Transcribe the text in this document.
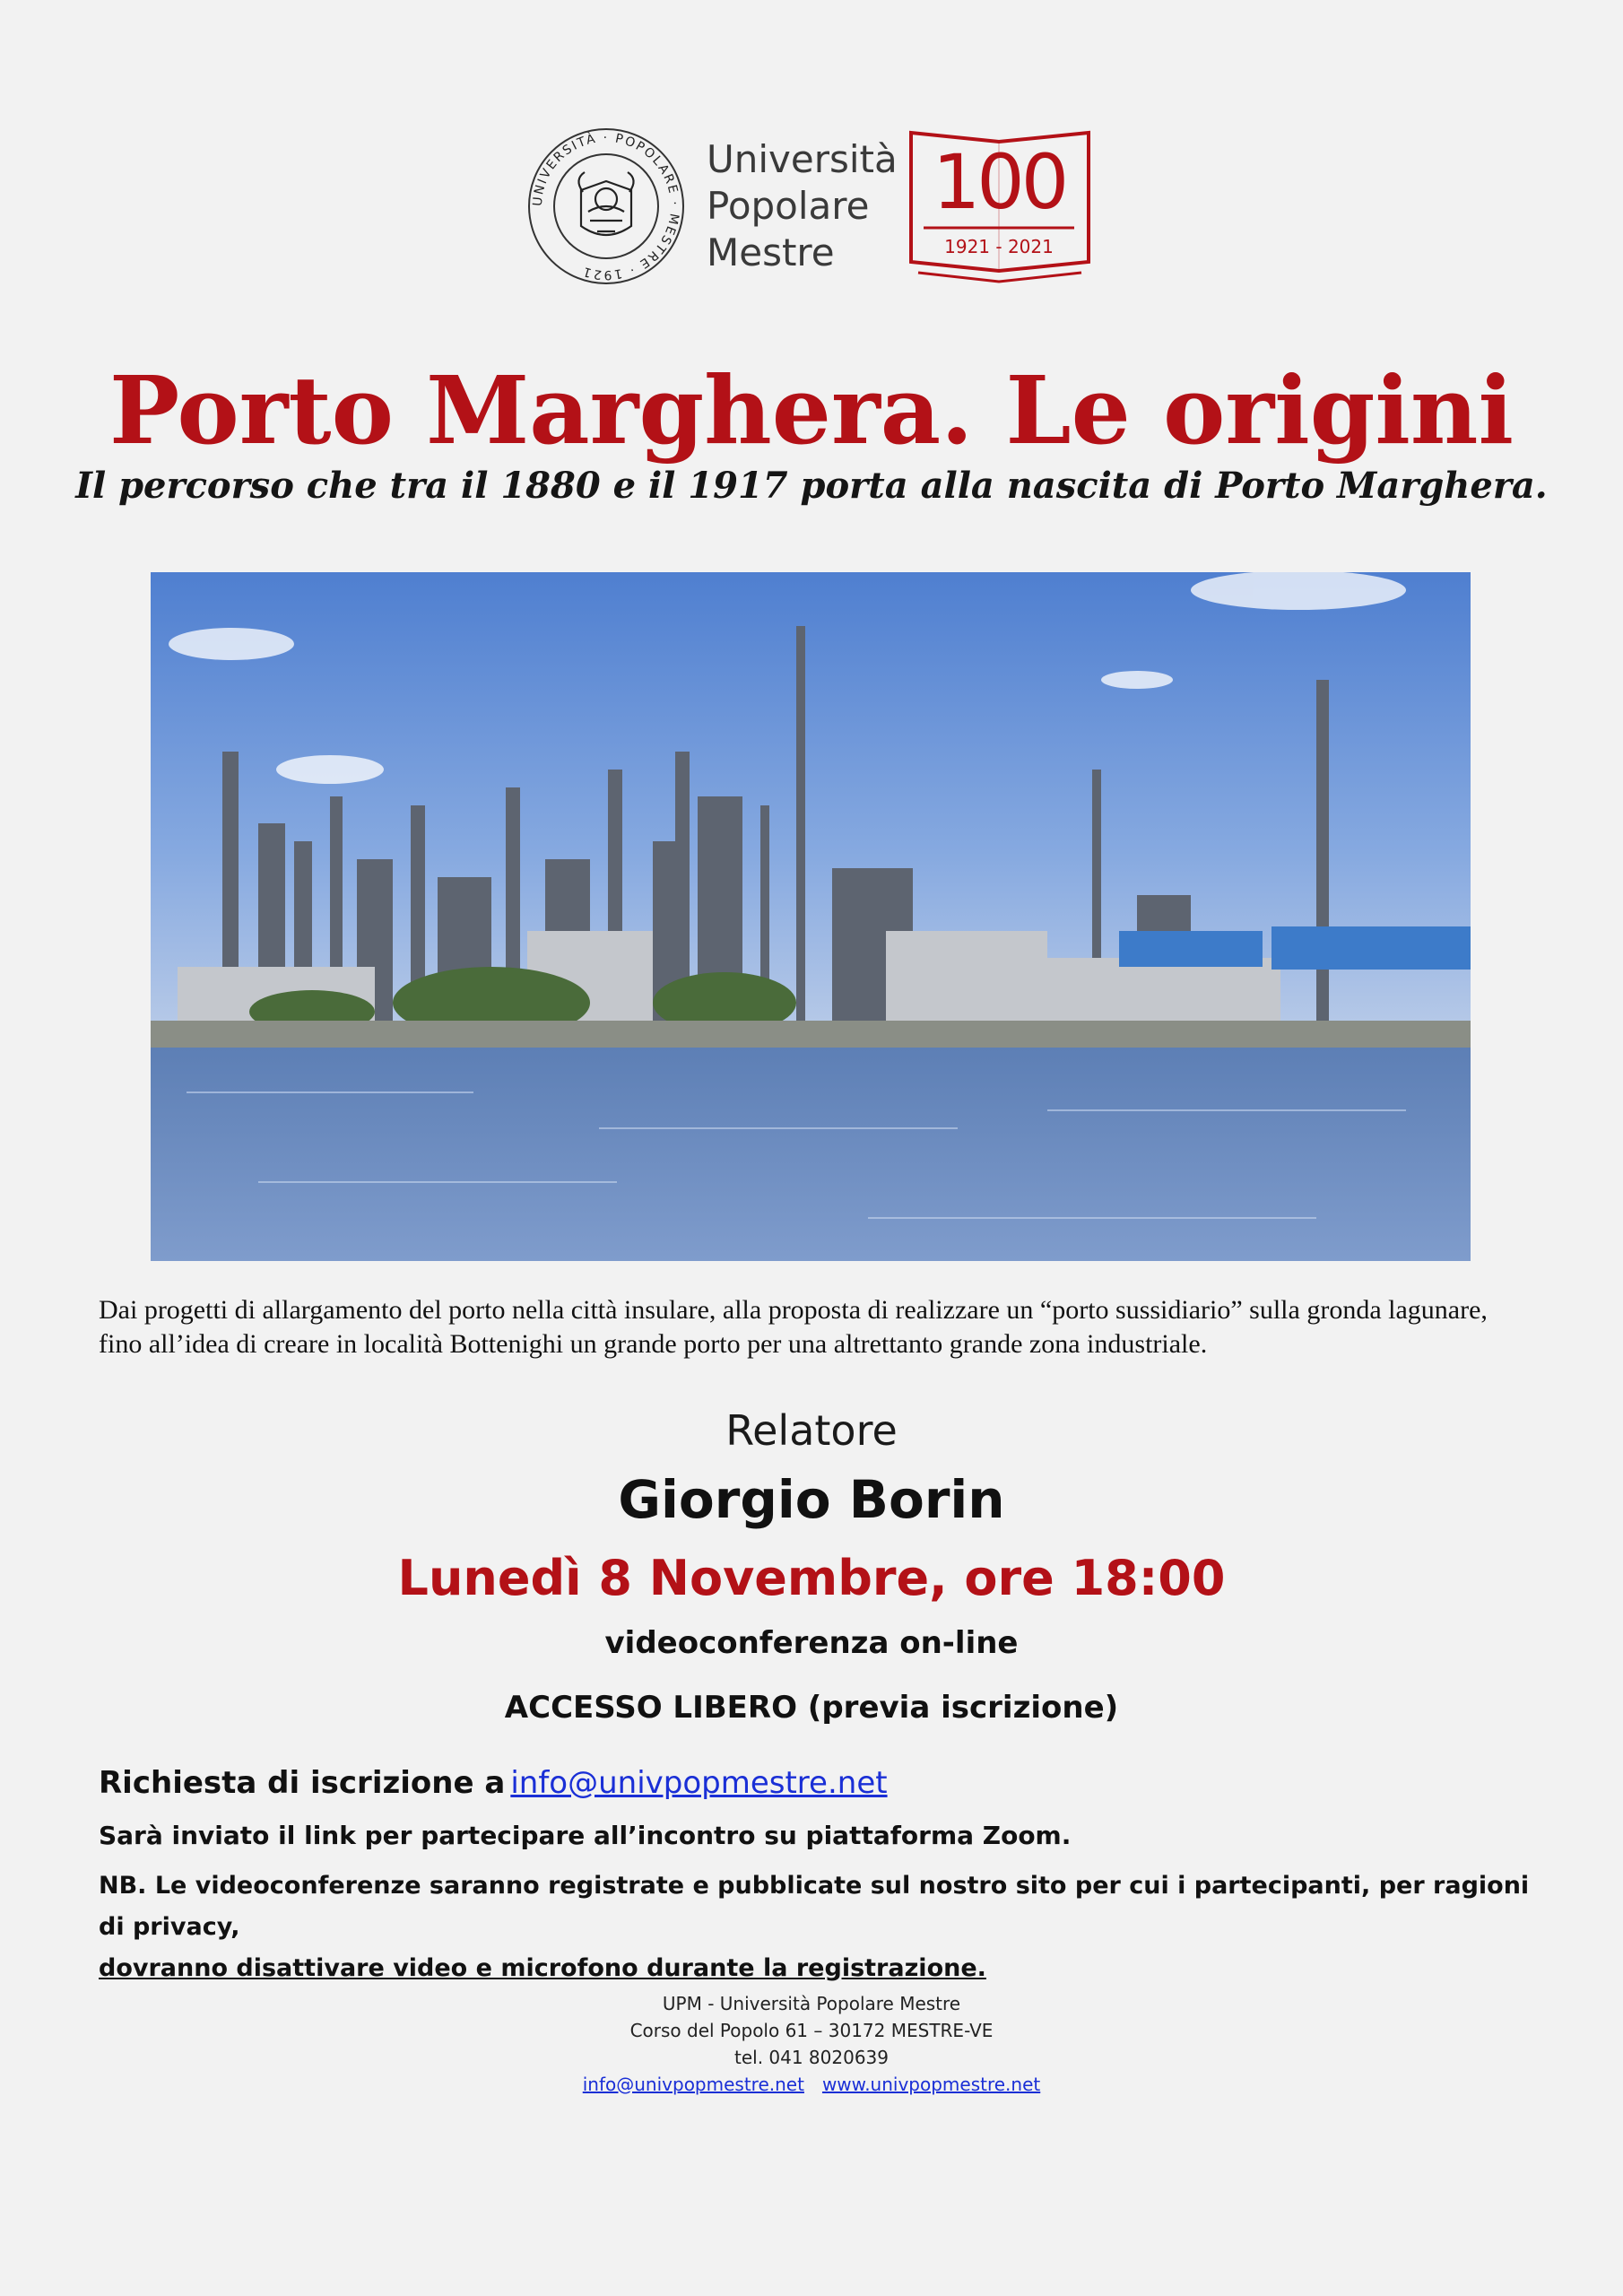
UNIVERSITÀ · POPOLARE · MESTRE · 1921
Università
Popolare
Mestre
100
1921 - 2021
Porto Marghera. Le origini
Il percorso che tra il 1880 e il 1917 porta alla nascita di Porto Marghera.
Dai progetti di allargamento del porto nella città insulare, alla proposta di realizzare un “porto sussidiario” sulla gronda lagunare, fino all’idea di creare in località Bottenighi un grande porto per una altrettanto grande zona industriale.
Relatore
Giorgio Borin
Lunedì 8 Novembre, ore 18:00
videoconferenza on-line
ACCESSO LIBERO (previa iscrizione)
Richiesta di iscrizione a info@univpopmestre.net
Sarà inviato il link per partecipare all’incontro su piattaforma Zoom.
NB. Le videoconferenze saranno registrate e pubblicate sul nostro sito per cui i partecipanti, per ragioni di privacy,
dovranno disattivare video e microfono durante la registrazione.
UPM - Università Popolare Mestre
Corso del Popolo 61 – 30172 MESTRE-VE
tel. 041 8020639
info@univpopmestre.net www.univpopmestre.net
